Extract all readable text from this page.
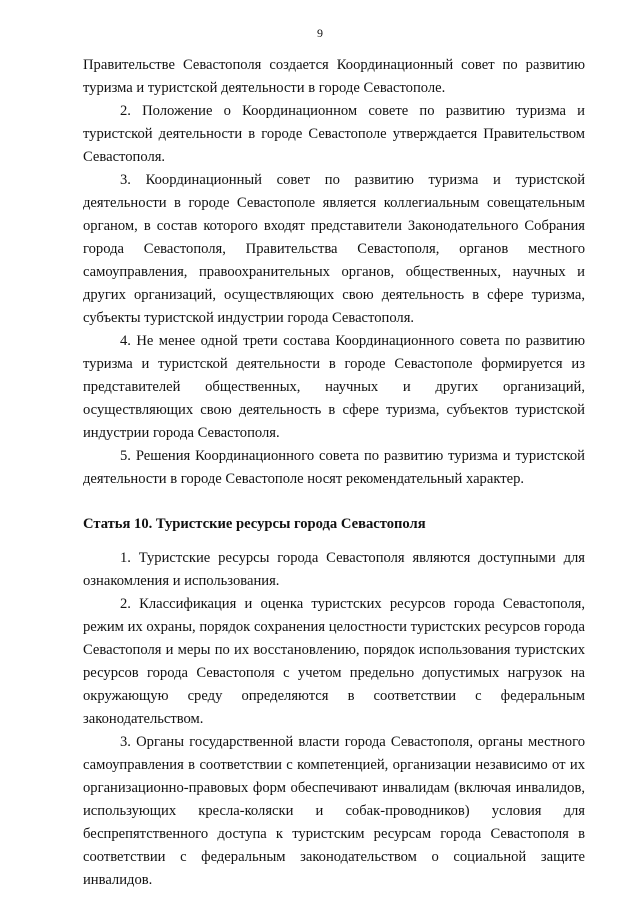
9

Правительстве Севастополя создается Координационный совет по развитию туризма и туристской деятельности в городе Севастополе.

2. Положение о Координационном совете по развитию туризма и туристской деятельности в городе Севастополе утверждается Правительством Севастополя.

3. Координационный совет по развитию туризма и туристской деятельности в городе Севастополе является коллегиальным совещательным органом, в состав которого входят представители Законодательного Собрания города Севастополя, Правительства Севастополя, органов местного самоуправления, правоохранительных органов, общественных, научных и других организаций, осуществляющих свою деятельность в сфере туризма, субъекты туристской индустрии города Севастополя.

4. Не менее одной трети состава Координационного совета по развитию туризма и туристской деятельности в городе Севастополе формируется из представителей общественных, научных и других организаций, осуществляющих свою деятельность в сфере туризма, субъектов туристской индустрии города Севастополя.

5. Решения Координационного совета по развитию туризма и туристской деятельности в городе Севастополе носят рекомендательный характер.

Статья 10. Туристские ресурсы города Севастополя

1. Туристские ресурсы города Севастополя являются доступными для ознакомления и использования.

2. Классификация и оценка туристских ресурсов города Севастополя, режим их охраны, порядок сохранения целостности туристских ресурсов города Севастополя и меры по их восстановлению, порядок использования туристских ресурсов города Севастополя с учетом предельно допустимых нагрузок на окружающую среду определяются в соответствии с федеральным законодательством.

3. Органы государственной власти города Севастополя, органы местного самоуправления в соответствии с компетенцией, организации независимо от их организационно-правовых форм обеспечивают инвалидам (включая инвалидов, использующих кресла-коляски и собак-проводников) условия для беспрепятственного доступа к туристским ресурсам города Севастополя в соответствии с федеральным законодательством о социальной защите инвалидов.
